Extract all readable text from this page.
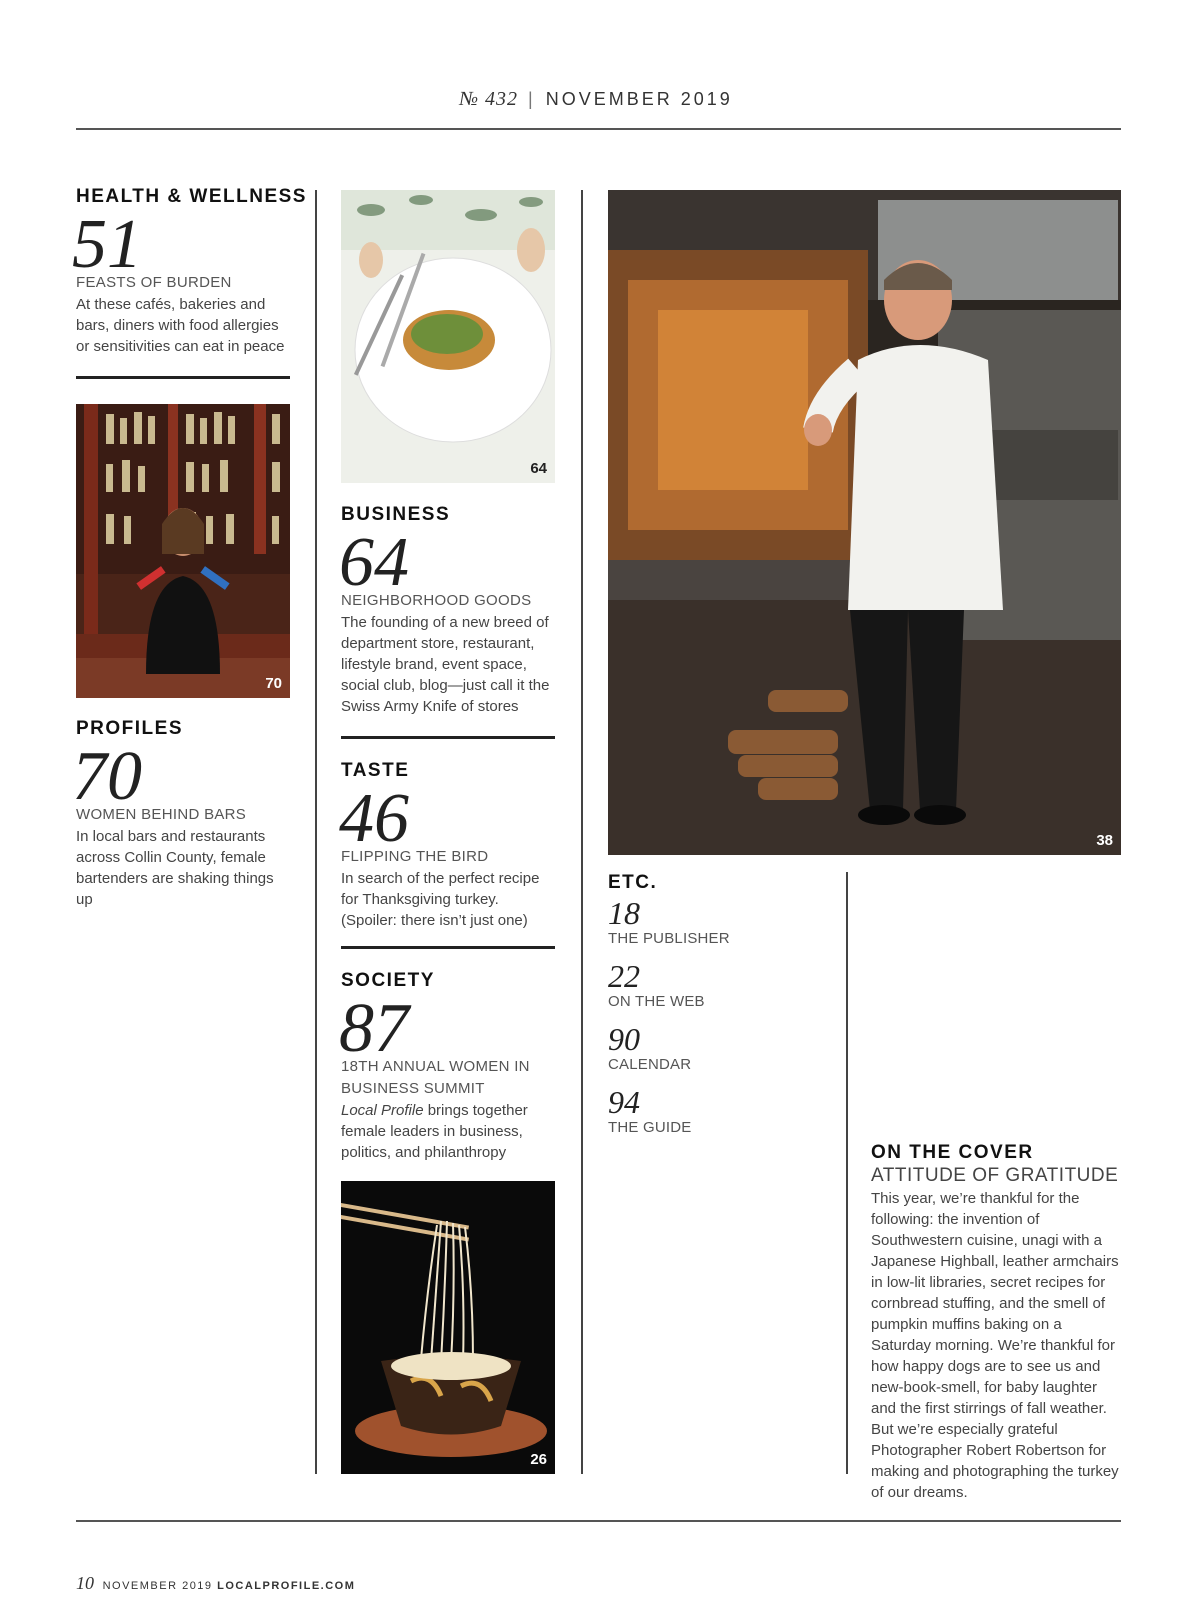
№ 432 | NOVEMBER 2019
HEALTH & WELLNESS
51
FEASTS OF BURDEN
At these cafés, bakeries and bars, diners with food allergies or sensitivities can eat in peace
70
PROFILES
70
WOMEN BEHIND BARS
In local bars and restaurants across Collin County, female bartenders are shaking things up
64
BUSINESS
64
NEIGHBORHOOD GOODS
The founding of a new breed of department store, restaurant, lifestyle brand, event space, social club, blog—just call it the Swiss Army Knife of stores
TASTE
46
FLIPPING THE BIRD
In search of the perfect recipe for Thanksgiving turkey. (Spoiler: there isn’t just one)
SOCIETY
87
18TH ANNUAL WOMEN IN BUSINESS SUMMIT
Local Profile brings together female leaders in business, politics, and philanthropy
26
38
ETC.
18
THE PUBLISHER
22
ON THE WEB
90
CALENDAR
94
THE GUIDE
ON THE COVER
ATTITUDE OF GRATITUDE
This year, we’re thankful for the following: the invention of Southwestern cuisine, unagi with a Japanese Highball, leather armchairs in low-lit libraries, secret recipes for cornbread stuffing, and the smell of pumpkin muffins baking on a Saturday morning. We’re thankful for how happy dogs are to see us and new-book-smell, for baby laughter and the first stirrings of fall weather. But we’re especially grateful Photographer Robert Robertson for making and photographing the turkey of our dreams.
10 NOVEMBER 2019 LOCALPROFILE.COM
